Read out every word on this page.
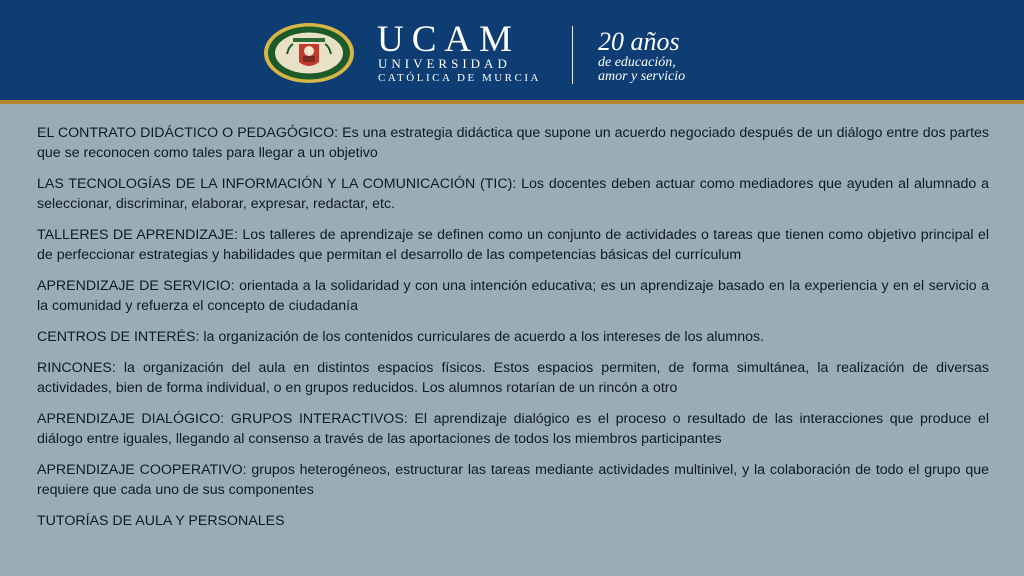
UCAM
UNIVERSIDAD
CATÓLICA DE MURCIA
20 años
de educación,
amor y servicio

EL CONTRATO DIDÁCTICO O PEDAGÓGICO: Es una estrategia didáctica que supone un acuerdo negociado después de un diálogo entre dos partes que se reconocen como tales para llegar a un objetivo

LAS TECNOLOGÍAS DE LA INFORMACIÓN Y LA COMUNICACIÓN (TIC): Los docentes deben actuar como mediadores que ayuden al alumnado a seleccionar, discriminar, elaborar, expresar, redactar, etc.

TALLERES DE APRENDIZAJE: Los talleres de aprendizaje se definen como un conjunto de actividades o tareas que tienen como objetivo principal el de perfeccionar estrategias y habilidades que permitan el desarrollo de las competencias básicas del currículum

APRENDIZAJE DE SERVICIO: orientada a la solidaridad y con una intención educativa; es un aprendizaje basado en la experiencia y en el servicio a la comunidad y refuerza el concepto de ciudadanía

CENTROS DE INTERÉS: la organización de los contenidos curriculares de acuerdo a los intereses de los alumnos.

RINCONES: la organización del aula en distintos espacios físicos. Estos espacios permiten, de forma simultánea, la realización de diversas actividades, bien de forma individual, o en grupos reducidos. Los alumnos rotarían de un rincón a otro

APRENDIZAJE DIALÓGICO: GRUPOS INTERACTIVOS: El aprendizaje dialógico es el proceso o resultado de las interacciones que produce el diálogo entre iguales, llegando al consenso a través de las aportaciones de todos los miembros participantes

APRENDIZAJE COOPERATIVO: grupos heterogéneos, estructurar las tareas mediante actividades multinivel, y la colaboración de todo el grupo que requiere que cada uno de sus componentes

TUTORÍAS DE AULA Y PERSONALES
